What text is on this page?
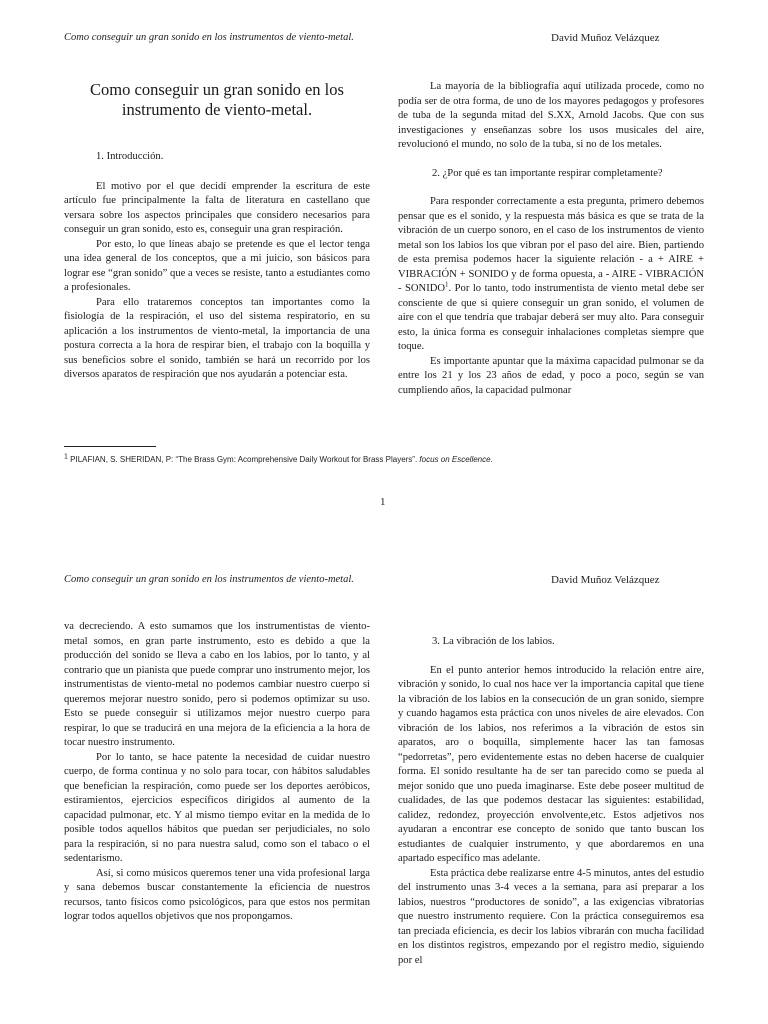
Como conseguir un gran sonido en los instrumentos de viento-metal.	David Muñoz Velázquez
Como conseguir un gran sonido en los instrumento de viento-metal.

1. Introducción.

El motivo por el que decidí emprender la escritura de este artículo fue principalmente la falta de literatura en castellano que versara sobre los aspectos principales que considero necesarios para conseguir un gran sonido, esto es, conseguir una gran respiración.

Por esto, lo que líneas abajo se pretende es que el lector tenga una idea general de los conceptos, que a mi juicio, son básicos para lograr ese “gran sonido” que a veces se resiste, tanto a estudiantes como a profesionales.

Para ello trataremos conceptos tan importantes como la fisiología de la respiración, el uso del sistema respiratorio, en su aplicación a los instrumentos de viento-metal, la importancia de una postura correcta a la hora de respirar bien, el trabajo con la boquilla y sus beneficios sobre el sonido, también se hará un recorrido por los diversos aparatos de respiración que nos ayudarán a potenciar esta.

La mayoría de la bibliografía aquí utilizada procede, como no podía ser de otra forma, de uno de los mayores pedagogos y profesores de tuba de la segunda mitad del S.XX, Arnold Jacobs. Que con sus investigaciones y enseñanzas sobre los usos musicales del aire, revolucionó el mundo, no solo de la tuba, si no de los metales.

2. ¿Por qué es tan importante respirar completamente?

Para responder correctamente a esta pregunta, primero debemos pensar que es el sonido, y la respuesta más básica es que se trata de la vibración de un cuerpo sonoro, en el caso de los instrumentos de viento metal son los labios los que vibran por el paso del aire. Bien, partiendo de esta premisa podemos hacer la siguiente relación - a + AIRE + VIBRACIÓN + SONIDO y de forma opuesta, a - AIRE - VIBRACIÓN - SONIDO$^1$. Por lo tanto, todo instrumentista de viento metal debe ser consciente de que si quiere conseguir un gran sonido, el volumen de aire con el que tendría que trabajar deberá ser muy alto. Para conseguir esto, la única forma es conseguir inhalaciones completas siempre que toque.

Es importante apuntar que la máxima capacidad pulmonar se da entre los 21 y los 23 años de edad, y poco a poco, según se van cumpliendo años, la capacidad pulmonar

$^1$ PILAFIAN, S. SHERIDAN, P: “The Brass Gym: Acomprehensive Daily Workout for Brass Players”. focus on Escellence.
1
Como conseguir un gran sonido en los instrumentos de viento-metal.	David Muñoz Velázquez

va decreciendo. A esto sumamos que los instrumentistas de viento-metal somos, en gran parte instrumento, esto es debido a que la producción del sonido se lleva a cabo en los labios, por lo tanto, y al contrario que un pianista que puede comprar uno instrumento mejor, los instrumentistas de viento-metal no podemos cambiar nuestro cuerpo si queremos mejorar nuestro sonido, pero si podemos optimizar su uso. Esto se puede conseguir si utilizamos mejor nuestro cuerpo para respirar, lo que se traducirá en una mejora de la eficiencia a la hora de tocar nuestro instrumento.

Por lo tanto, se hace patente la necesidad de cuidar nuestro cuerpo, de forma continua y no solo para tocar, con hábitos saludables que benefician la respiración, como puede ser los deportes aeróbicos, estiramientos, ejercicios específicos dirigidos al aumento de la capacidad pulmonar, etc. Y al mismo tiempo evitar en la medida de lo posible todos aquellos hábitos que puedan ser perjudiciales, no solo para la respiración, si no para nuestra salud, como son el tabaco o el sedentarismo.

Así, si como músicos queremos tener una vida profesional larga y sana debemos buscar constantemente la eficiencia de nuestros recursos, tanto físicos como psicológicos, para que estos nos permitan lograr todos aquellos objetivos que nos propongamos.

3. La vibración de los labios.

En el punto anterior hemos introducido la relación entre aire, vibración y sonido, lo cual nos hace ver la importancia capital que tiene la vibración de los labios en la consecución de un gran sonido, siempre y cuando hagamos esta práctica con unos niveles de aire elevados. Con vibración de los labios, nos referimos a la vibración de estos sin aparatos, aro o boquilla, simplemente hacer las tan famosas “pedorretas”, pero evidentemente estas no deben hacerse de cualquier forma. El sonido resultante ha de ser tan parecido como se pueda al mejor sonido que uno pueda imaginarse. Este debe poseer multitud de cualidades, de las que podemos destacar las siguientes: estabilidad, calidez, redondez, proyección envolvente,etc. Estos adjetivos nos ayudaran a encontrar ese concepto de sonido que tanto buscan los estudiantes de cualquier instrumento, y que abordaremos en una apartado específico mas adelante.

Esta práctica debe realizarse entre 4-5 minutos, antes del estudio del instrumento unas 3-4 veces a la semana, para así preparar a los labios, nuestros “productores de sonido”, a las exigencias vibratorias que nuestro instrumento requiere. Con la práctica conseguiremos esa tan preciada eficiencia, es decir los labios vibrarán con mucha facilidad en los distintos registros, empezando por el registro medio, siguiendo por el
